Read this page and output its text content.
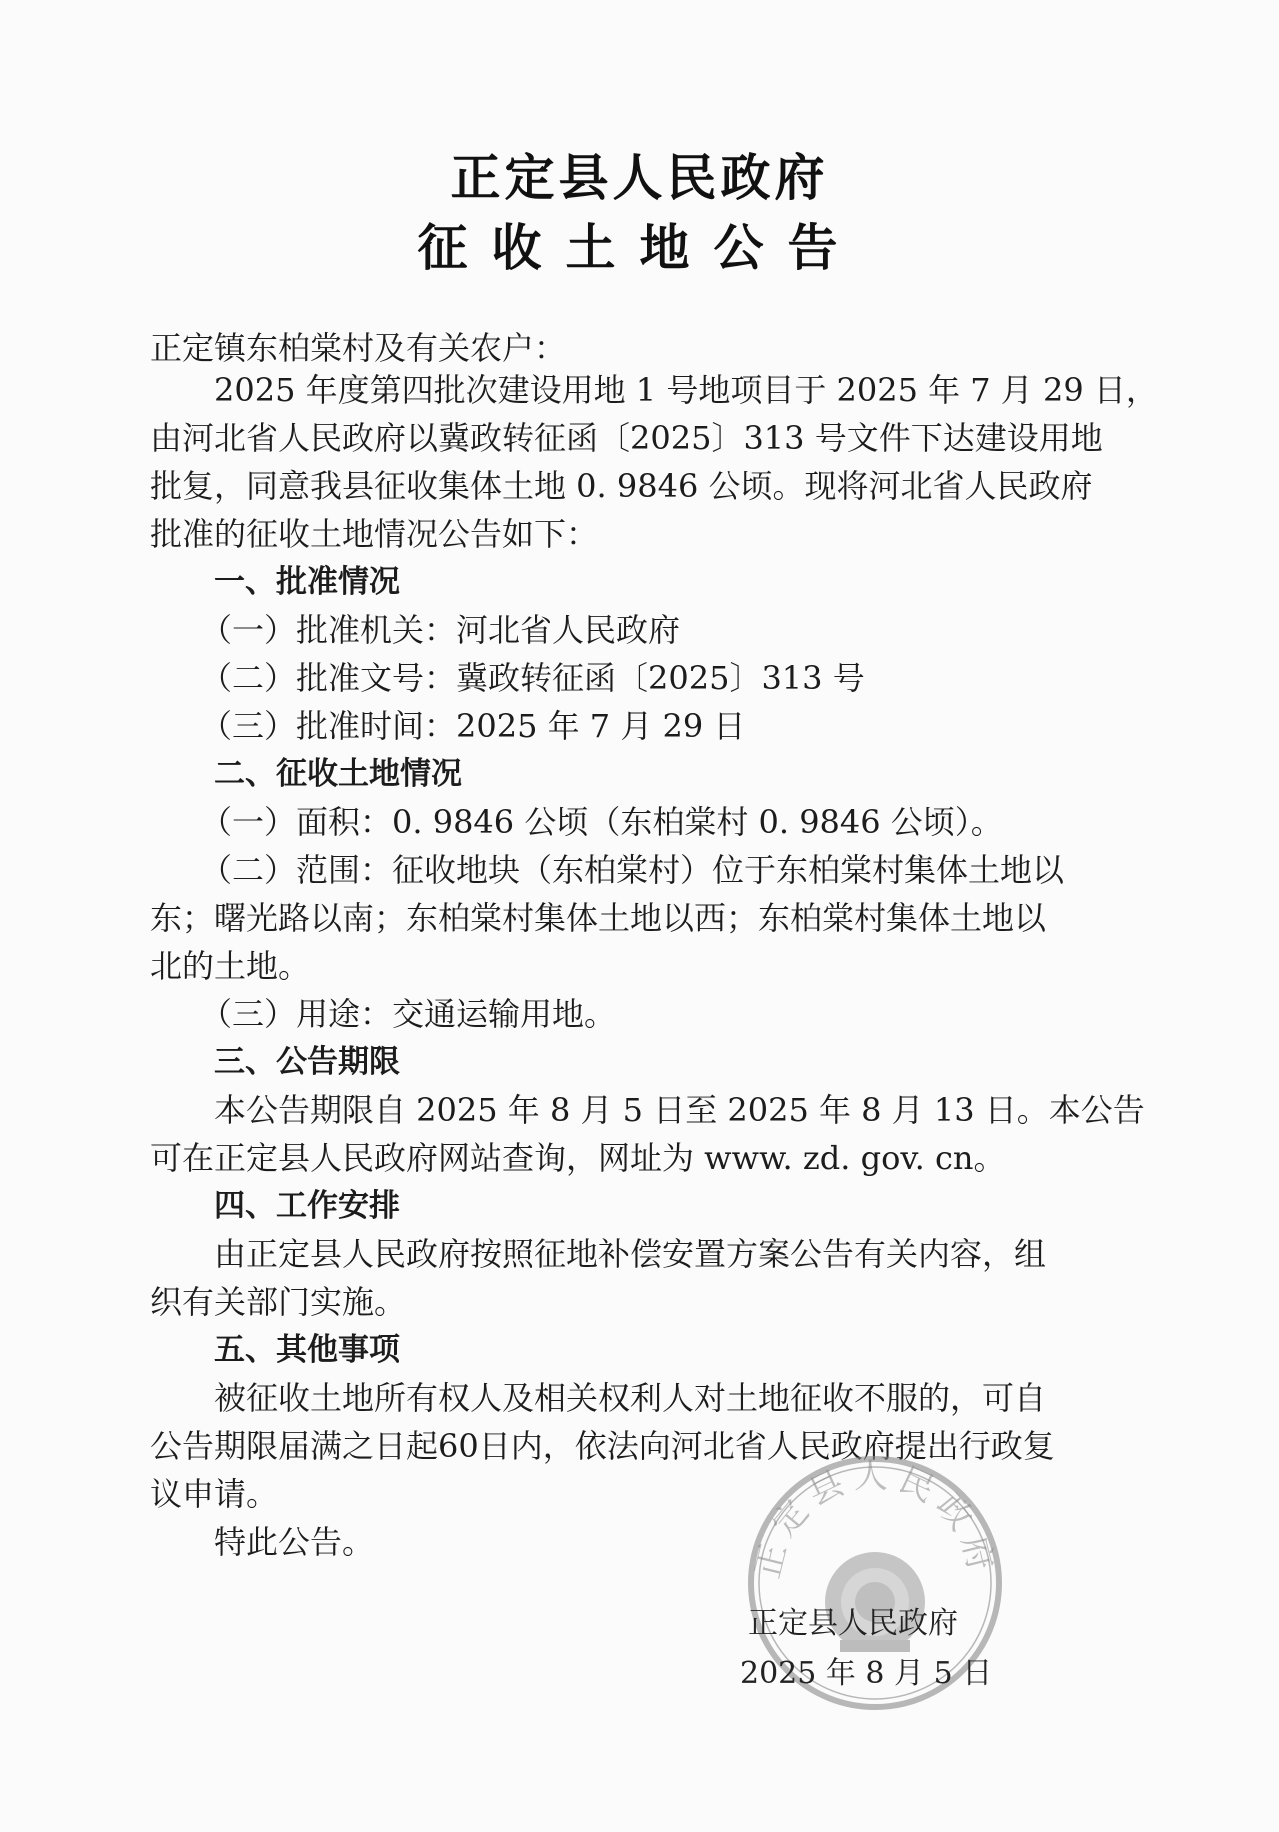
正定县人民政府
征收土地公告
正定镇东柏棠村及有关农户：
2025 年度第四批次建设用地 1 号地项目于 2025 年 7 月 29 日，
由河北省人民政府以冀政转征函〔2025〕313 号文件下达建设用地
批复，同意我县征收集体土地 0. 9846 公顷。现将河北省人民政府
批准的征收土地情况公告如下：
一、批准情况
（一）批准机关：河北省人民政府
（二）批准文号：冀政转征函〔2025〕313 号
（三）批准时间：2025 年 7 月 29 日
二、征收土地情况
（一）面积：0. 9846 公顷（东柏棠村 0. 9846 公顷）。
（二）范围：征收地块（东柏棠村）位于东柏棠村集体土地以
东；曙光路以南；东柏棠村集体土地以西；东柏棠村集体土地以
北的土地。
（三）用途：交通运输用地。
三、公告期限
本公告期限自 2025 年 8 月 5 日至 2025 年 8 月 13 日。本公告
可在正定县人民政府网站查询，网址为 www. zd. gov. cn。
四、工作安排
由正定县人民政府按照征地补偿安置方案公告有关内容，组
织有关部门实施。
五、其他事项
被征收土地所有权人及相关权利人对土地征收不服的，可自
公告期限届满之日起60日内，依法向河北省人民政府提出行政复
议申请。
特此公告。	正定县人民政府
正定县人民政府
2025 年 8 月 5 日
